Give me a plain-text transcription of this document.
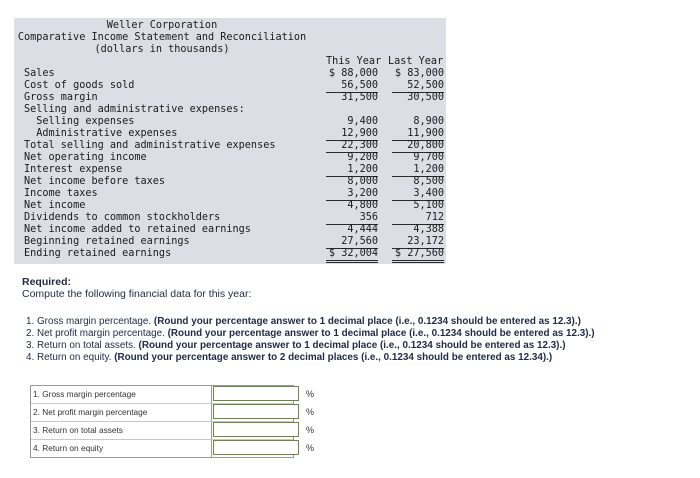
Weller Corporation
Comparative Income Statement and Reconciliation
(dollars in thousands)
This Year Last Year
Sales	$ 88,000 $ 83,000
Cost of goods sold	56,500	52,500
Gross margin	31,500	30,500
Selling and administrative expenses:
Selling expenses	9,400	8,900
Administrative expenses	12,900	11,900
Total selling and administrative expenses	22,300	20,800
Net operating income	9,200	9,700
Interest expense	1,200	1,200
Net income before taxes	8,000	8,500
Income taxes	3,200	3,400
Net income	4,800	5,100
Dividends to common stockholders	356	712
Net income added to retained earnings	4,444	4,388
Beginning retained earnings	27,560	23,172
Ending retained earnings	$ 32,004 $ 27,560
Required:
Compute the following financial data for this year:
1. Gross margin percentage. (Round your percentage answer to 1 decimal place (i.e., 0.1234 should be entered as 12.3).)
2. Net profit margin percentage. (Round your percentage answer to 1 decimal place (i.e., 0.1234 should be entered as 12.3).)
3. Return on total assets. (Round your percentage answer to 1 decimal place (i.e., 0.1234 should be entered as 12.3).)
4. Return on equity. (Round your percentage answer to 2 decimal places (i.e., 0.1234 should be entered as 12.34).)
1. Gross margin percentage	%
2. Net profit margin percentage	%
3. Return on total assets	%
4. Return on equity	%
